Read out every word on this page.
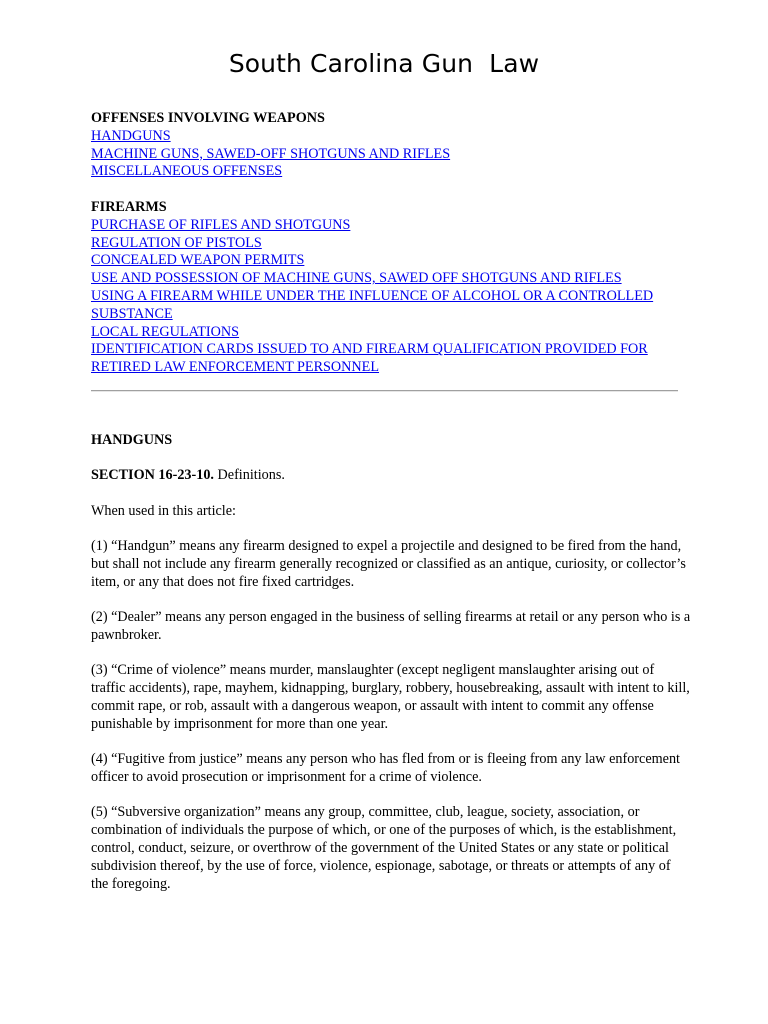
South Carolina Gun  Law
OFFENSES INVOLVING WEAPONS
HANDGUNS
MACHINE GUNS, SAWED-OFF SHOTGUNS AND RIFLES
MISCELLANEOUS OFFENSES
FIREARMS
PURCHASE OF RIFLES AND SHOTGUNS
REGULATION OF PISTOLS
CONCEALED WEAPON PERMITS
USE AND POSSESSION OF MACHINE GUNS, SAWED OFF SHOTGUNS AND RIFLES
USING A FIREARM WHILE UNDER THE INFLUENCE OF ALCOHOL OR A CONTROLLED SUBSTANCE
LOCAL REGULATIONS
IDENTIFICATION CARDS ISSUED TO AND FIREARM QUALIFICATION PROVIDED FOR RETIRED LAW ENFORCEMENT PERSONNEL

HANDGUNS

SECTION 16-23-10. Definitions.

When used in this article:

(1) “Handgun” means any firearm designed to expel a projectile and designed to be fired from the hand, but shall not include any firearm generally recognized or classified as an antique, curiosity, or collector’s item, or any that does not fire fixed cartridges.

(2) “Dealer” means any person engaged in the business of selling firearms at retail or any person who is a pawnbroker.

(3) “Crime of violence” means murder, manslaughter (except negligent manslaughter arising out of traffic accidents), rape, mayhem, kidnapping, burglary, robbery, housebreaking, assault with intent to kill, commit rape, or rob, assault with a dangerous weapon, or assault with intent to commit any offense punishable by imprisonment for more than one year.

(4) “Fugitive from justice” means any person who has fled from or is fleeing from any law enforcement officer to avoid prosecution or imprisonment for a crime of violence.

(5) “Subversive organization” means any group, committee, club, league, society, association, or combination of individuals the purpose of which, or one of the purposes of which, is the establishment, control, conduct, seizure, or overthrow of the government of the United States or any state or political subdivision thereof, by the use of force, violence, espionage, sabotage, or threats or attempts of any of the foregoing.
